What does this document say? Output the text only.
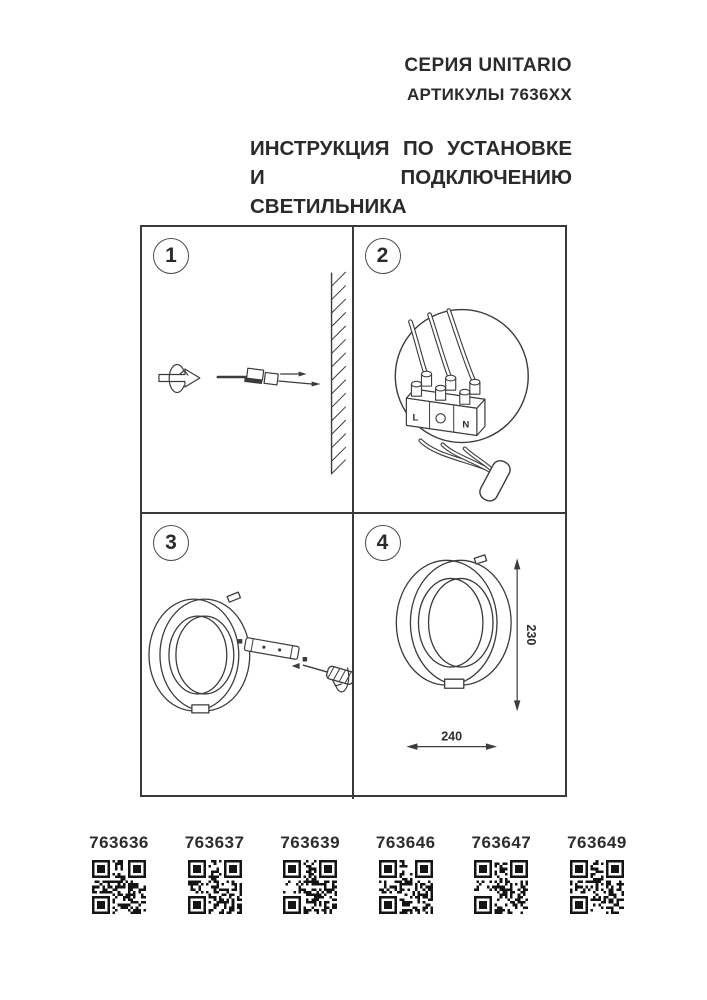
СЕРИЯ UNITARIO
АРТИКУЛЫ 7636ХХ
ИНСТРУКЦИЯ ПО УСТАНОВКЕ
И ПОДКЛЮЧЕНИЮ СВЕТИЛЬНИКА
1	2
L
N
3	4
230
240
763636 763637 763639 763646 763647 763649
